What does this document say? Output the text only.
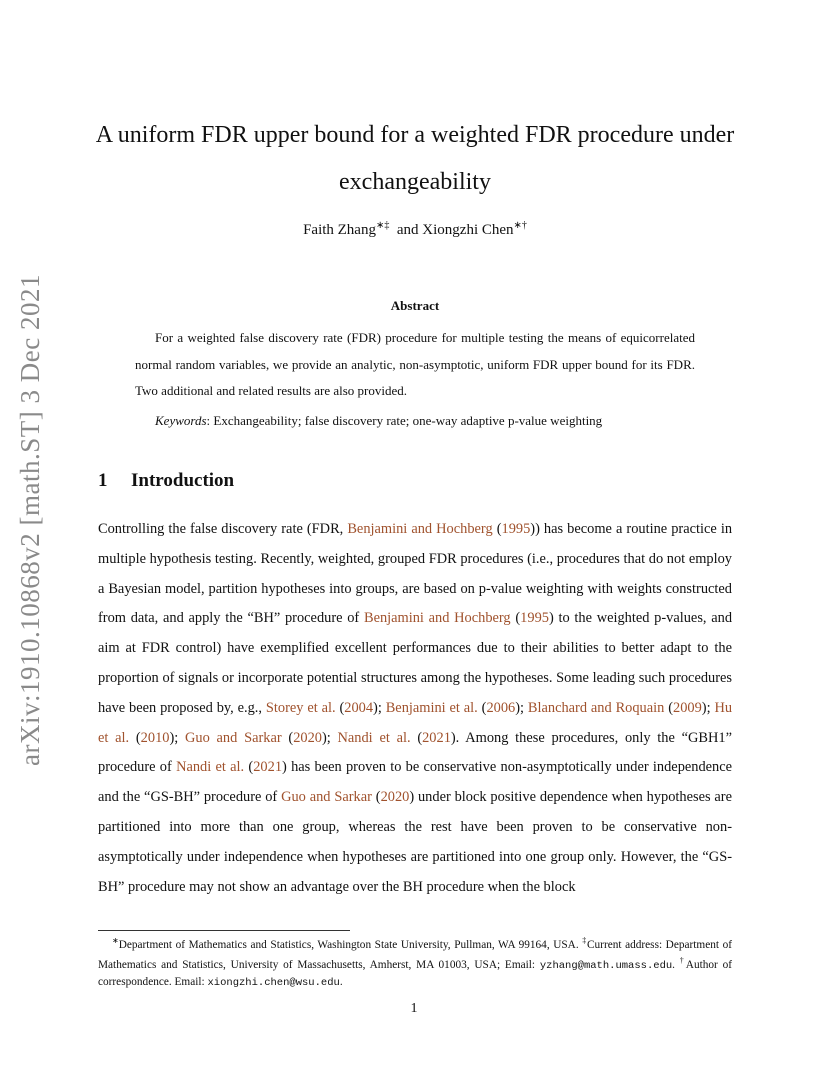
arXiv:1910.10868v2 [math.ST] 3 Dec 2021
A uniform FDR upper bound for a weighted FDR procedure under
exchangeability
Faith Zhang∗‡ and Xiongzhi Chen∗†
Abstract

For a weighted false discovery rate (FDR) procedure for multiple testing the means of equicorrelated normal random variables, we provide an analytic, non-asymptotic, uniform FDR upper bound for its FDR. Two additional and related results are also provided.

Keywords: Exchangeability; false discovery rate; one-way adaptive p-value weighting
1 Introduction

Controlling the false discovery rate (FDR, Benjamini and Hochberg (1995)) has become a routine practice in multiple hypothesis testing. Recently, weighted, grouped FDR procedures (i.e., procedures that do not employ a Bayesian model, partition hypotheses into groups, are based on p-value weighting with weights constructed from data, and apply the “BH” procedure of Benjamini and Hochberg (1995) to the weighted p-values, and aim at FDR control) have exemplified excellent performances due to their abilities to better adapt to the proportion of signals or incorporate potential structures among the hypotheses. Some leading such procedures have been proposed by, e.g., Storey et al. (2004); Benjamini et al. (2006); Blanchard and Roquain (2009); Hu et al. (2010); Guo and Sarkar (2020); Nandi et al. (2021). Among these procedures, only the “GBH1” procedure of Nandi et al. (2021) has been proven to be conservative non-asymptotically under independence and the “GS-BH” procedure of Guo and Sarkar (2020) under block positive dependence when hypotheses are partitioned into more than one group, whereas the rest have been proven to be conservative non-asymptotically under independence when hypotheses are partitioned into one group only. However, the “GS-BH” procedure may not show an advantage over the BH procedure when the block

∗Department of Mathematics and Statistics, Washington State University, Pullman, WA 99164, USA. ‡Current address: Department of Mathematics and Statistics, University of Massachusetts, Amherst, MA 01003, USA; Email: yzhang@math.umass.edu. †Author of correspondence. Email: xiongzhi.chen@wsu.edu.

1
